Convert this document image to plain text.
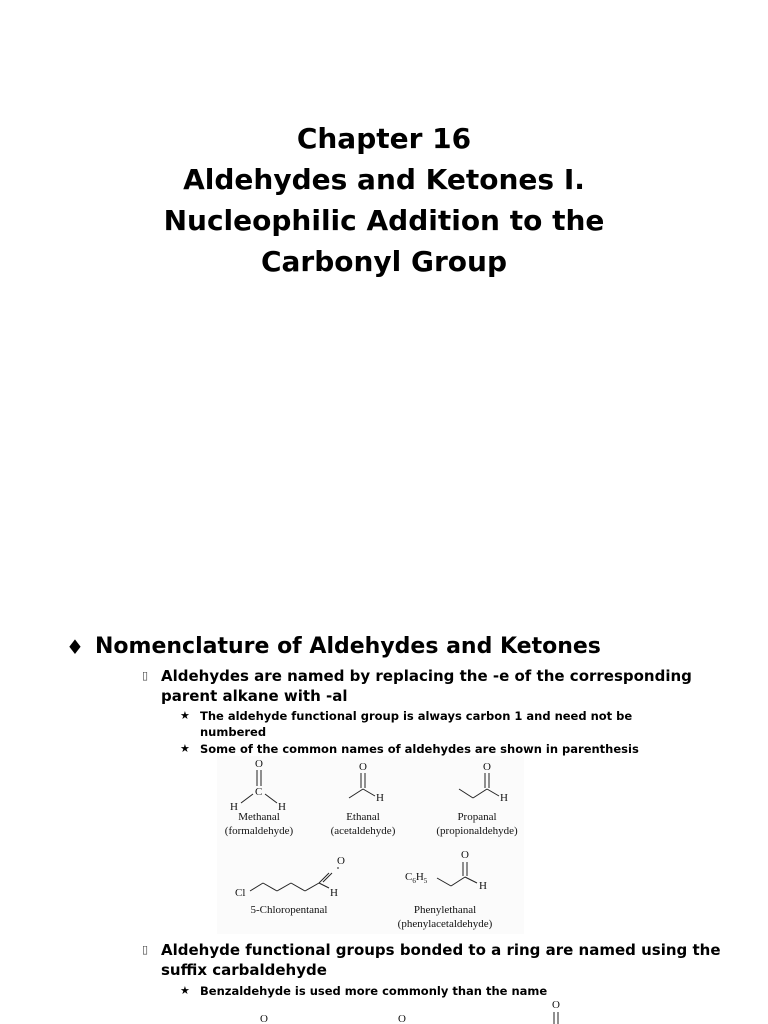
Chapter 16
Aldehydes and Ketones I.
Nucleophilic Addition to the
Carbonyl Group
♦ Nomenclature of Aldehydes and Ketones
▯ Aldehydes are named by replacing the -e of the corresponding parent alkane with -al
★ The aldehyde functional group is always carbon 1 and need not be numbered
★ Some of the common names of aldehydes are shown in parenthesis
O
C
H	H
Methanal
(formaldehyde)
O
H
Ethanal
(acetaldehyde)
O
H
Propanal
(propionaldehyde)
Cl
O
H
5-Chloropentanal
$C_6H_5$
O
H
Phenylethanal
(phenylacetaldehyde)
▯ Aldehyde functional groups bonded to a ring are named using the suffix carbaldehyde
★ Benzaldehyde is used more commonly than the name
O	O
O
